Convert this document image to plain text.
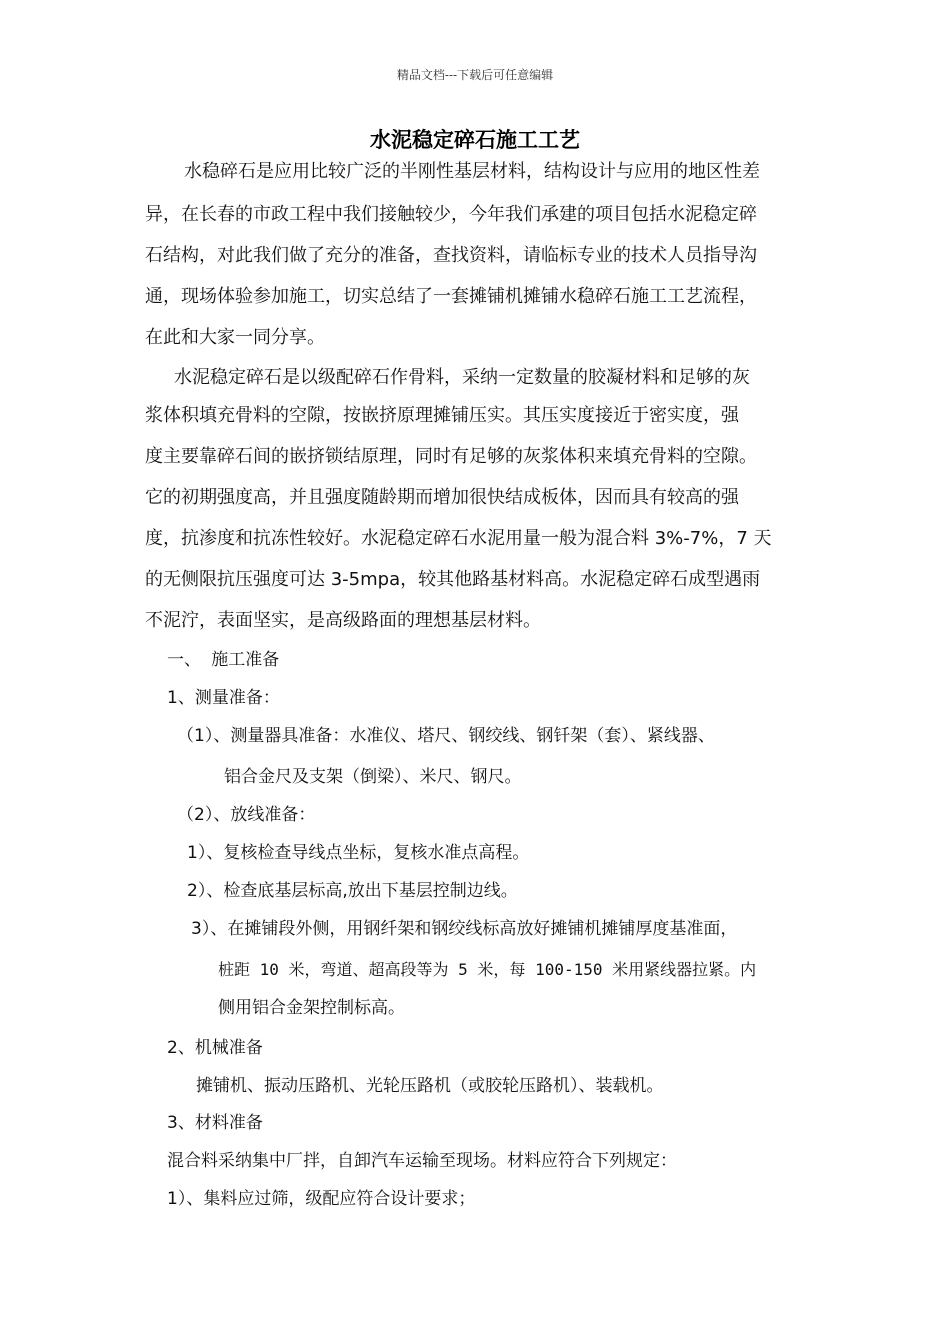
精品文档---下载后可任意编辑
水泥稳定碎石施工工艺
水稳碎石是应用比较广泛的半刚性基层材料，结构设计与应用的地区性差
异，在长春的市政工程中我们接触较少，今年我们承建的项目包括水泥稳定碎
石结构，对此我们做了充分的准备，查找资料，请临标专业的技术人员指导沟
通，现场体验参加施工，切实总结了一套摊铺机摊铺水稳碎石施工工艺流程，
在此和大家一同分享。
水泥稳定碎石是以级配碎石作骨料，采纳一定数量的胶凝材料和足够的灰
浆体积填充骨料的空隙，按嵌挤原理摊铺压实。其压实度接近于密实度，强
度主要靠碎石间的嵌挤锁结原理，同时有足够的灰浆体积来填充骨料的空隙。
它的初期强度高，并且强度随龄期而增加很快结成板体，因而具有较高的强
度，抗渗度和抗冻性较好。水泥稳定碎石水泥用量一般为混合料 3%-7%，7 天
的无侧限抗压强度可达 3-5mpa，较其他路基材料高。水泥稳定碎石成型遇雨
不泥泞，表面坚实，是高级路面的理想基层材料。
一、 施工准备
1、测量准备：
（1）、测量器具准备：水准仪、塔尺、钢绞线、钢钎架（套）、紧线器、
铝合金尺及支架（倒梁）、米尺、钢尺。
（2）、放线准备：
1）、复核检查导线点坐标，复核水准点高程。
2）、检查底基层标高,放出下基层控制边线。
3）、在摊铺段外侧，用钢纤架和钢绞线标高放好摊铺机摊铺厚度基准面，
桩距 10 米，弯道、超高段等为 5 米，每 100-150 米用紧线器拉紧。内
侧用铝合金架控制标高。
2、机械准备
摊铺机、振动压路机、光轮压路机（或胶轮压路机）、装载机。
3、材料准备
混合料采纳集中厂拌，自卸汽车运输至现场。材料应符合下列规定：
1）、集料应过筛，级配应符合设计要求；
